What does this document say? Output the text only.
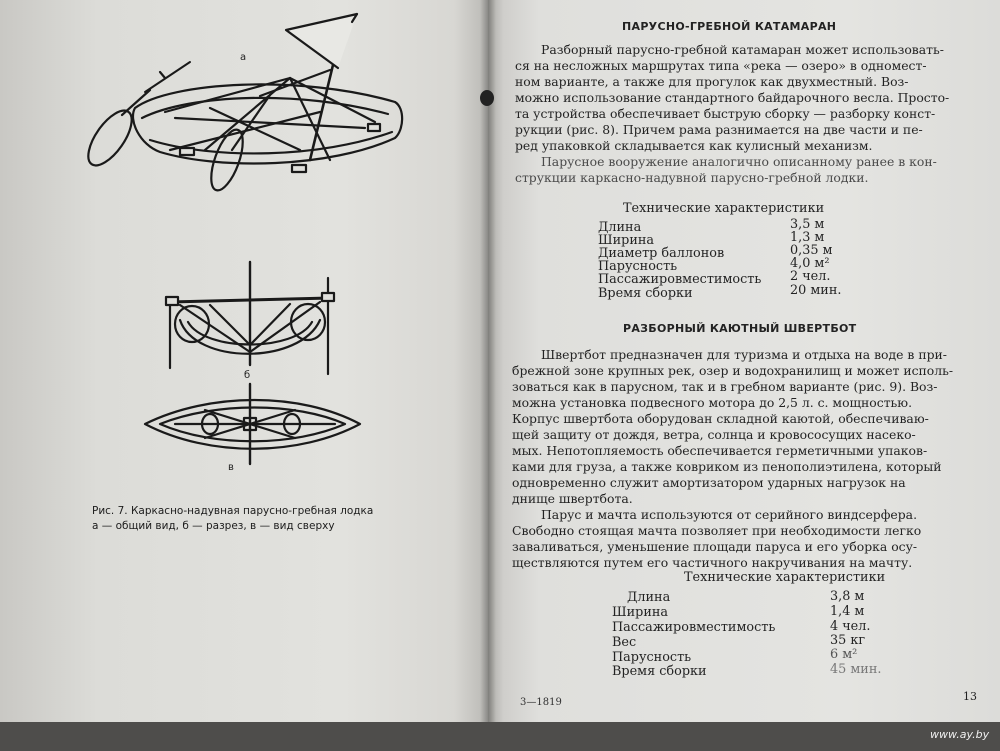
а
б
в
Рис. 7. Каркасно-надувная парусно-гребная лодка
а — общий вид, б — разрез, в — вид сверху
ПАРУСНО-ГРЕБНОЙ КАТАМАРАН
Разборный парусно-гребной катамаран может использовать-
ся на несложных маршрутах типа «река — озеро» в одномест-
ном варианте, а также для прогулок как двухместный. Воз-
можно использование стандартного байдарочного весла. Просто-
та устройства обеспечивает быструю сборку — разборку конст-
рукции (рис. 8). Причем рама разнимается на две части и пе-
ред упаковкой складывается как кулисный механизм.
Парусное вооружение аналогично описанному ранее в кон-
струкции каркасно-надувной парусно-гребной лодки.
Технические характеристики
Длина
Ширина
Диаметр баллонов
Парусность
Пассажировместимость
Время сборки
3,5 м
1,3 м
0,35 м
4,0 м²
2 чел.
20 мин.
РАЗБОРНЫЙ КАЮТНЫЙ ШВЕРТБОТ
Швертбот предназначен для туризма и отдыха на воде в при-
брежной зоне крупных рек, озер и водохранилищ и может исполь-
зоваться как в парусном, так и в гребном варианте (рис. 9). Воз-
можна установка подвесного мотора до 2,5 л. с. мощностью.
Корпус швертбота оборудован складной каютой, обеспечиваю-
щей защиту от дождя, ветра, солнца и кровососущих насеко-
мых. Непотопляемость обеспечивается герметичными упаков-
ками для груза, а также ковриком из пенополиэтилена, который
одновременно служит амортизатором ударных нагрузок на
днище швертбота.
Парус и мачта используются от серийного виндсерфера.
Свободно стоящая мачта позволяет при необходимости легко
заваливаться, уменьшение площади паруса и его уборка осу-
ществляются путем его частичного накручивания на мачту.
Технические характеристики
Длина
Ширина
Пассажировместимость
Вес
Парусность
Время сборки
3,8 м
1,4 м
4 чел.
35 кг
6 м²
45 мин.
3—1819	13
www.ay.by
